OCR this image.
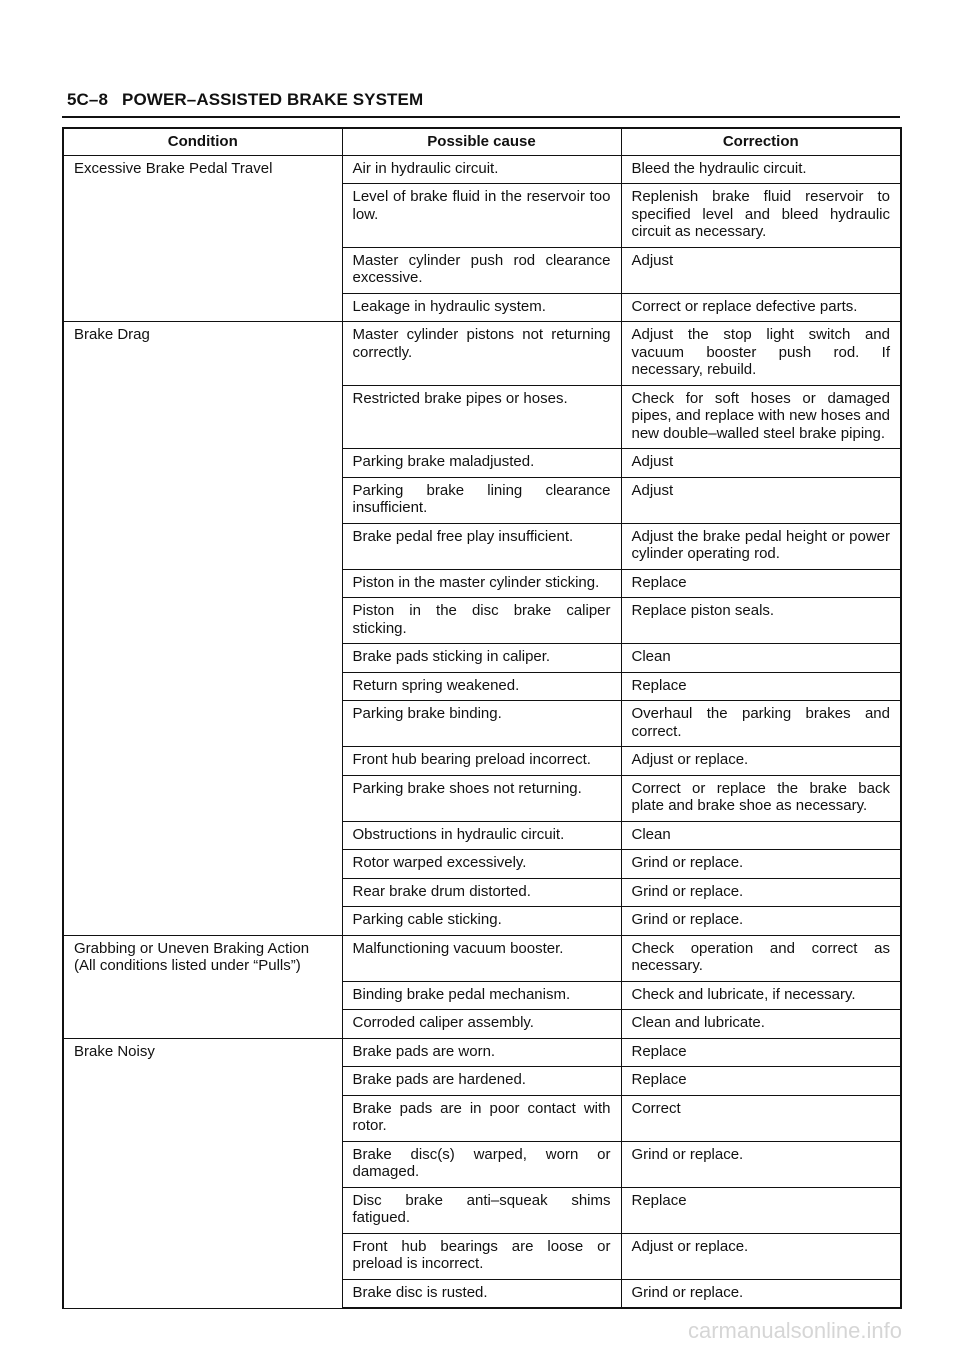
5C–8 POWER–ASSISTED BRAKE SYSTEM
Condition	Possible cause	Correction
Excessive Brake Pedal Travel	Air in hydraulic circuit.	Bleed the hydraulic circuit.
	Level of brake fluid in the reservoir too low.	Replenish brake fluid reservoir to specified level and bleed hydraulic circuit as necessary.
	Master cylinder push rod clearance excessive.	Adjust
	Leakage in hydraulic system.	Correct or replace defective parts.
Brake Drag	Master cylinder pistons not returning correctly.	Adjust the stop light switch and vacuum booster push rod. If necessary, rebuild.
	Restricted brake pipes or hoses.	Check for soft hoses or damaged pipes, and replace with new hoses and new double–walled steel brake piping.
	Parking brake maladjusted.	Adjust
	Parking brake lining clearance insufficient.	Adjust
	Brake pedal free play insufficient.	Adjust the brake pedal height or power cylinder operating rod.
	Piston in the master cylinder sticking.	Replace
	Piston in the disc brake caliper sticking.	Replace piston seals.
	Brake pads sticking in caliper.	Clean
	Return spring weakened.	Replace
	Parking brake binding.	Overhaul the parking brakes and correct.
	Front hub bearing preload incorrect.	Adjust or replace.
	Parking brake shoes not returning.	Correct or replace the brake back plate and brake shoe as necessary.
	Obstructions in hydraulic circuit.	Clean
	Rotor warped excessively.	Grind or replace.
	Rear brake drum distorted.	Grind or replace.
	Parking cable sticking.	Grind or replace.
Grabbing or Uneven Braking Action (All conditions listed under “Pulls”)	Malfunctioning vacuum booster.	Check operation and correct as necessary.
	Binding brake pedal mechanism.	Check and lubricate, if necessary.
	Corroded caliper assembly.	Clean and lubricate.
Brake Noisy	Brake pads are worn.	Replace
	Brake pads are hardened.	Replace
	Brake pads are in poor contact with rotor.	Correct
	Brake disc(s) warped, worn or damaged.	Grind or replace.
	Disc brake anti–squeak shims fatigued.	Replace
	Front hub bearings are loose or preload is incorrect.	Adjust or replace.
	Brake disc is rusted.	Grind or replace.
carmanualsonline.info
